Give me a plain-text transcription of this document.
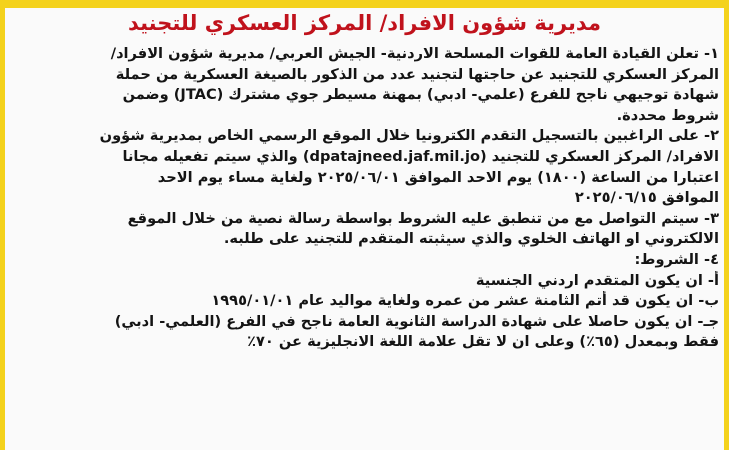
مديرية شؤون الافراد/ المركز العسكري للتجنيد
١- تعلن القيادة العامة للقوات المسلحة الاردنية- الجيش العربي/ مديرية شؤون الافراد/
المركز العسكري للتجنيد عن حاجتها لتجنيد عدد من الذكور بالصيغة العسكرية من حملة
شهادة توجيهي ناجح للفرع (علمي- ادبي) بمهنة مسيطر جوي مشترك (JTAC) وضمن
شروط محددة.
٢- على الراغبين بالتسجيل التقدم الكترونيا خلال الموقع الرسمي الخاص بمديرية شؤون
الافراد/ المركز العسكري للتجنيد (dpatajneed.jaf.mil.jo) والذي سيتم تفعيله مجانا
اعتبارا من الساعة (١٨٠٠) يوم الاحد الموافق ٢٠٢٥/٠٦/٠١ ولغاية مساء يوم الاحد
الموافق ٢٠٢٥/٠٦/١٥
٣- سيتم التواصل مع من تنطبق عليه الشروط بواسطة رسالة نصية من خلال الموقع
الالكتروني او الهاتف الخلوي والذي سيثبته المتقدم للتجنيد على طلبه.
٤- الشروط:
أ- ان يكون المتقدم اردني الجنسية
ب- ان يكون قد أتم الثامنة عشر من عمره ولغاية مواليد عام ١٩٩٥/٠١/٠١
جـ- ان يكون حاصلا على شهادة الدراسة الثانوية العامة ناجح في الفرع (العلمي- ادبي)
فقط وبمعدل (٦٥٪) وعلى ان لا تقل علامة اللغة الانجليزية عن ٧٠٪
